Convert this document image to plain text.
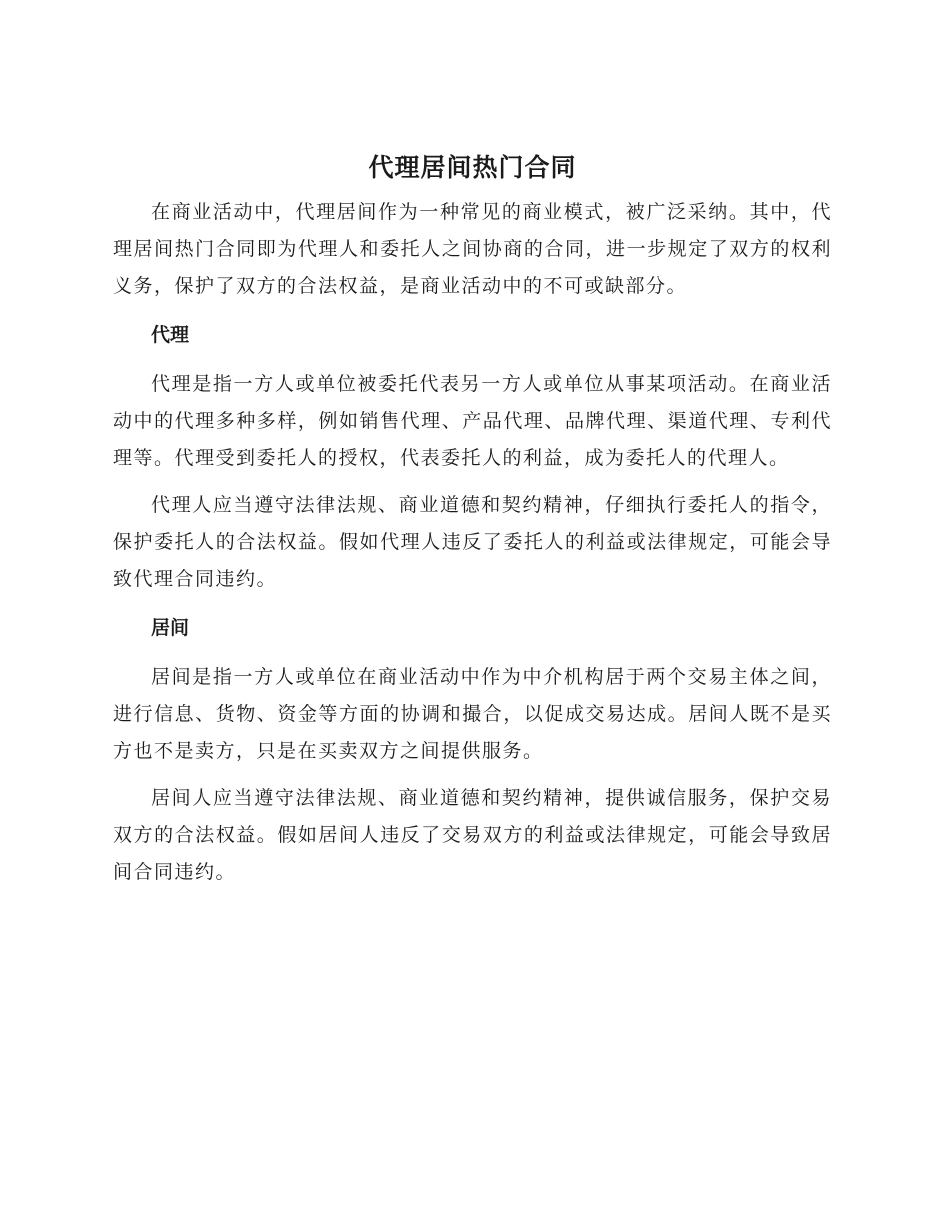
代理居间热门合同

在商业活动中，代理居间作为一种常见的商业模式，被广泛采纳。其中，代理居间热门合同即为代理人和委托人之间协商的合同，进一步规定了双方的权利义务，保护了双方的合法权益，是商业活动中的不可或缺部分。

代理

代理是指一方人或单位被委托代表另一方人或单位从事某项活动。在商业活动中的代理多种多样，例如销售代理、产品代理、品牌代理、渠道代理、专利代理等。代理受到委托人的授权，代表委托人的利益，成为委托人的代理人。

代理人应当遵守法律法规、商业道德和契约精神，仔细执行委托人的指令，保护委托人的合法权益。假如代理人违反了委托人的利益或法律规定，可能会导致代理合同违约。

居间

居间是指一方人或单位在商业活动中作为中介机构居于两个交易主体之间，进行信息、货物、资金等方面的协调和撮合，以促成交易达成。居间人既不是买方也不是卖方，只是在买卖双方之间提供服务。

居间人应当遵守法律法规、商业道德和契约精神，提供诚信服务，保护交易双方的合法权益。假如居间人违反了交易双方的利益或法律规定，可能会导致居间合同违约。
